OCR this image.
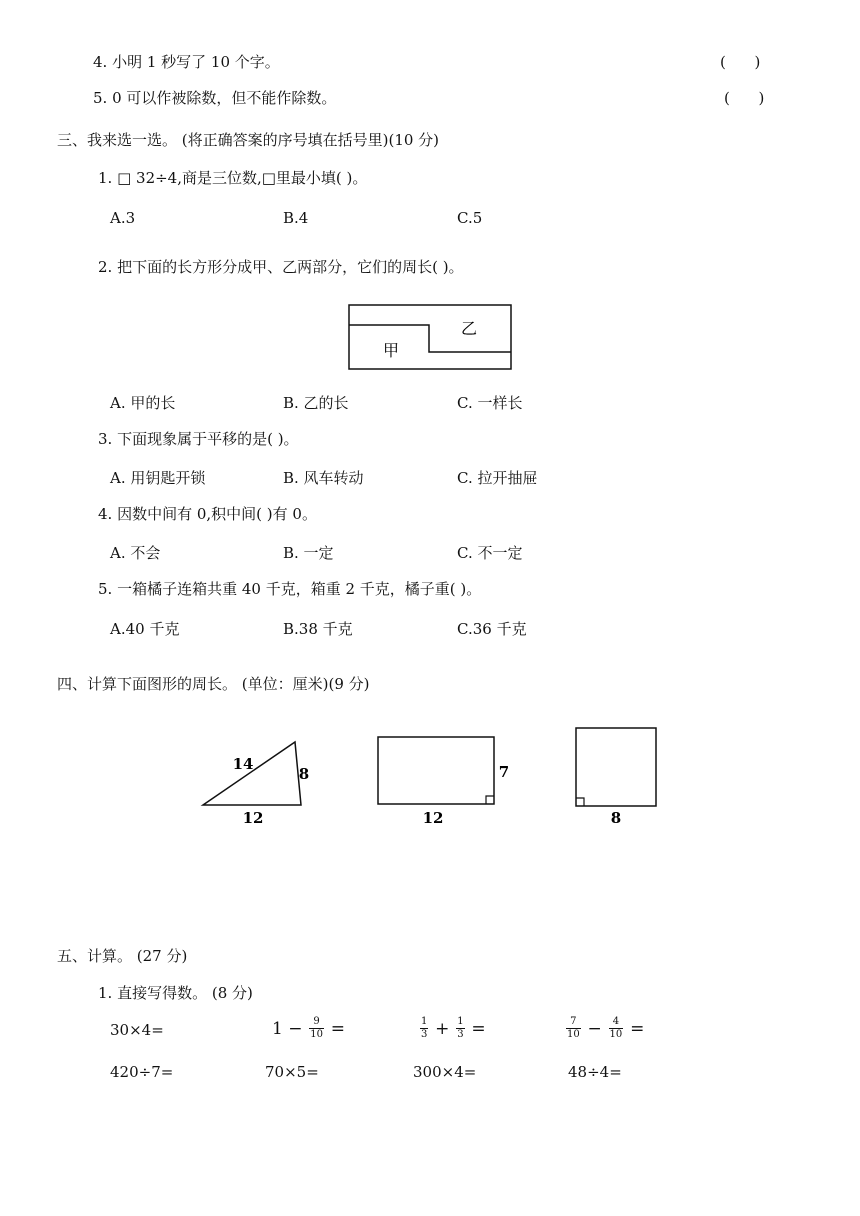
4. 小明 1 秒写了 10 个字。	(      )
5. 0 可以作被除数，但不能作除数。	(      )
三、我来选一选。 (将正确答案的序号填在括号里)(10 分)
1. □ 32÷4,商是三位数,□里最小填( )。
A.3	B.4	C.5
2. 把下面的长方形分成甲、乙两部分，它们的周长( )。
甲
乙
A. 甲的长	B. 乙的长	C. 一样长
3. 下面现象属于平移的是( )。
A. 用钥匙开锁	B. 风车转动	C. 拉开抽屉
4. 因数中间有 0,积中间( )有 0。
A. 不会	B. 一定	C. 不一定
5. 一箱橘子连箱共重 40 千克，箱重 2 千克，橘子重( )。
A.40 千克	B.38 千克	C.36 千克
四、计算下面图形的周长。 (单位：厘米)(9 分)
14
8
12
7
12	8
五、计算。 (27 分)
1. 直接写得数。 (8 分)
30×4=	$1 - \frac{9}{10}$ =	$\frac{1}{3} + \frac{1}{3}$ =	$\frac{7}{10} - \frac{4}{10}$ =
420÷7=	70×5=	300×4=	48÷4=
